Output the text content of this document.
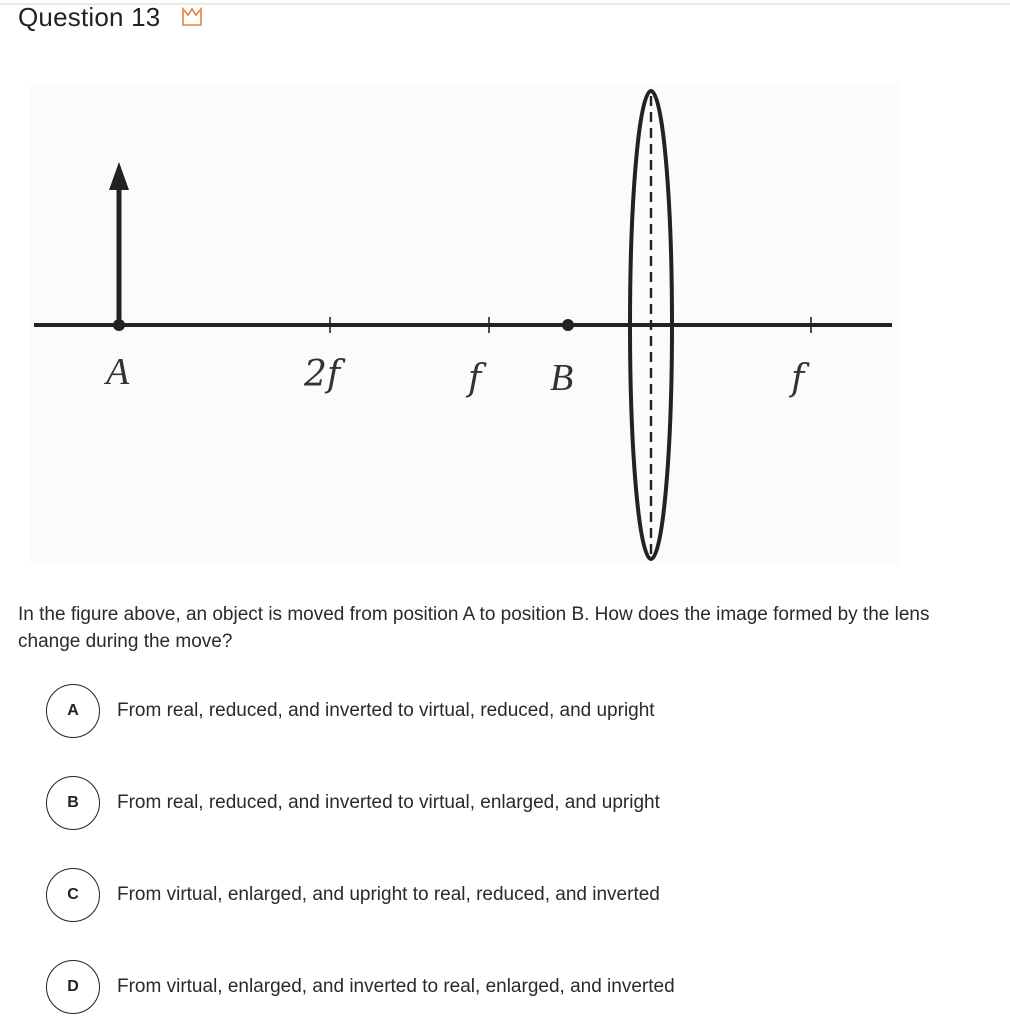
Question 13
A	2f	f B	f
In the figure above, an object is moved from position A to position B. How does the image formed by the lens change during the move?
A	From real, reduced, and inverted to virtual, reduced, and upright
B	From real, reduced, and inverted to virtual, enlarged, and upright
C	From virtual, enlarged, and upright to real, reduced, and inverted
D	From virtual, enlarged, and inverted to real, enlarged, and inverted
